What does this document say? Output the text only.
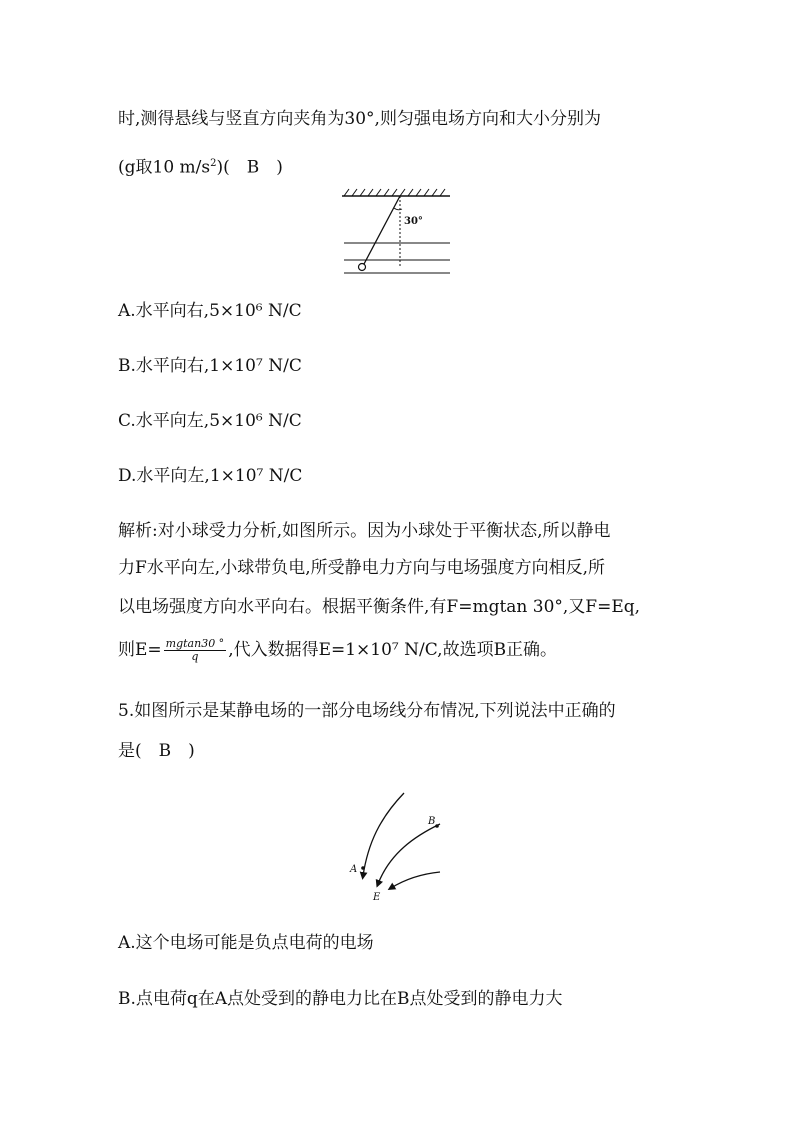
时,测得悬线与竖直方向夹角为30°,则匀强电场方向和大小分别为
(g取10 $m/s^2$)(　B　)
30°
A.水平向右,5×10⁶ N/C
B.水平向右,1×10⁷ N/C
C.水平向左,5×10⁶ N/C
D.水平向左,1×10⁷ N/C
解析:对小球受力分析,如图所示。因为小球处于平衡状态,所以静电
力F水平向左,小球带负电,所受静电力方向与电场强度方向相反,所
以电场强度方向水平向右。根据平衡条件,有F=mgtan 30°,又F=Eq,
则$E= \frac{mgtan30 ^\circ}{q}$ ,代入数据得E=1×10⁷ N/C,故选项B正确。
5.如图所示是某静电场的一部分电场线分布情况,下列说法中正确的
是(　B　)
A
B
E
A.这个电场可能是负点电荷的电场
B.点电荷q在A点处受到的静电力比在B点处受到的静电力大
